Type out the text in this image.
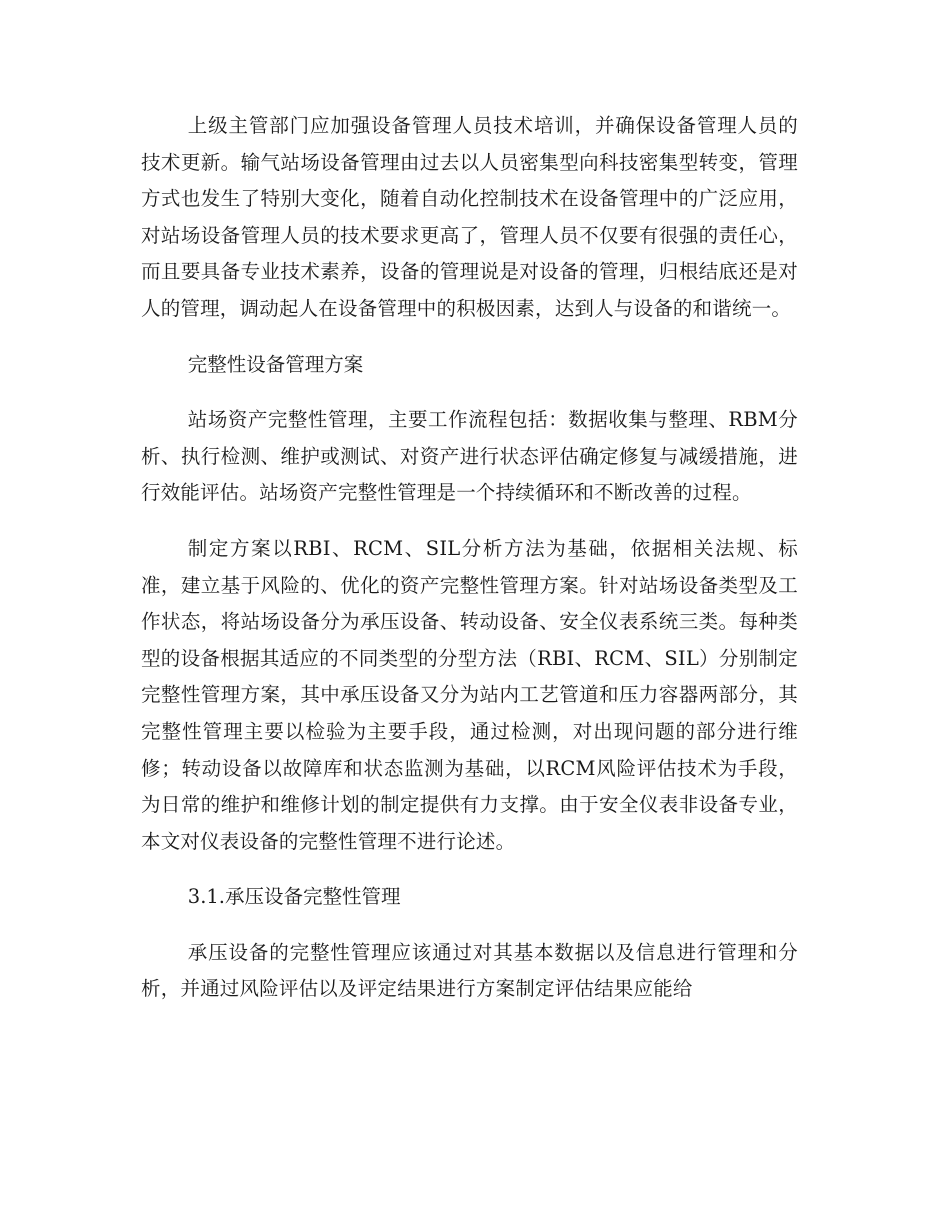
上级主管部门应加强设备管理人员技术培训，并确保设备管理人员的技术更新。输气站场设备管理由过去以人员密集型向科技密集型转变，管理方式也发生了特别大变化，随着自动化控制技术在设备管理中的广泛应用，对站场设备管理人员的技术要求更高了，管理人员不仅要有很强的责任心，而且要具备专业技术素养，设备的管理说是对设备的管理，归根结底还是对人的管理，调动起人在设备管理中的积极因素，达到人与设备的和谐统一。

完整性设备管理方案

站场资产完整性管理，主要工作流程包括：数据收集与整理、RBM分析、执行检测、维护或测试、对资产进行状态评估确定修复与减缓措施，进行效能评估。站场资产完整性管理是一个持续循环和不断改善的过程。

制定方案以RBI、RCM、SIL分析方法为基础，依据相关法规、标准，建立基于风险的、优化的资产完整性管理方案。针对站场设备类型及工作状态，将站场设备分为承压设备、转动设备、安全仪表系统三类。每种类型的设备根据其适应的不同类型的分型方法（RBI、RCM、SIL）分别制定完整性管理方案，其中承压设备又分为站内工艺管道和压力容器两部分，其完整性管理主要以检验为主要手段，通过检测，对出现问题的部分进行维修；转动设备以故障库和状态监测为基础，以RCM风险评估技术为手段，为日常的维护和维修计划的制定提供有力支撑。由于安全仪表非设备专业，本文对仪表设备的完整性管理不进行论述。

3.1.承压设备完整性管理

承压设备的完整性管理应该通过对其基本数据以及信息进行管理和分析，并通过风险评估以及评定结果进行方案制定评估结果应能给
